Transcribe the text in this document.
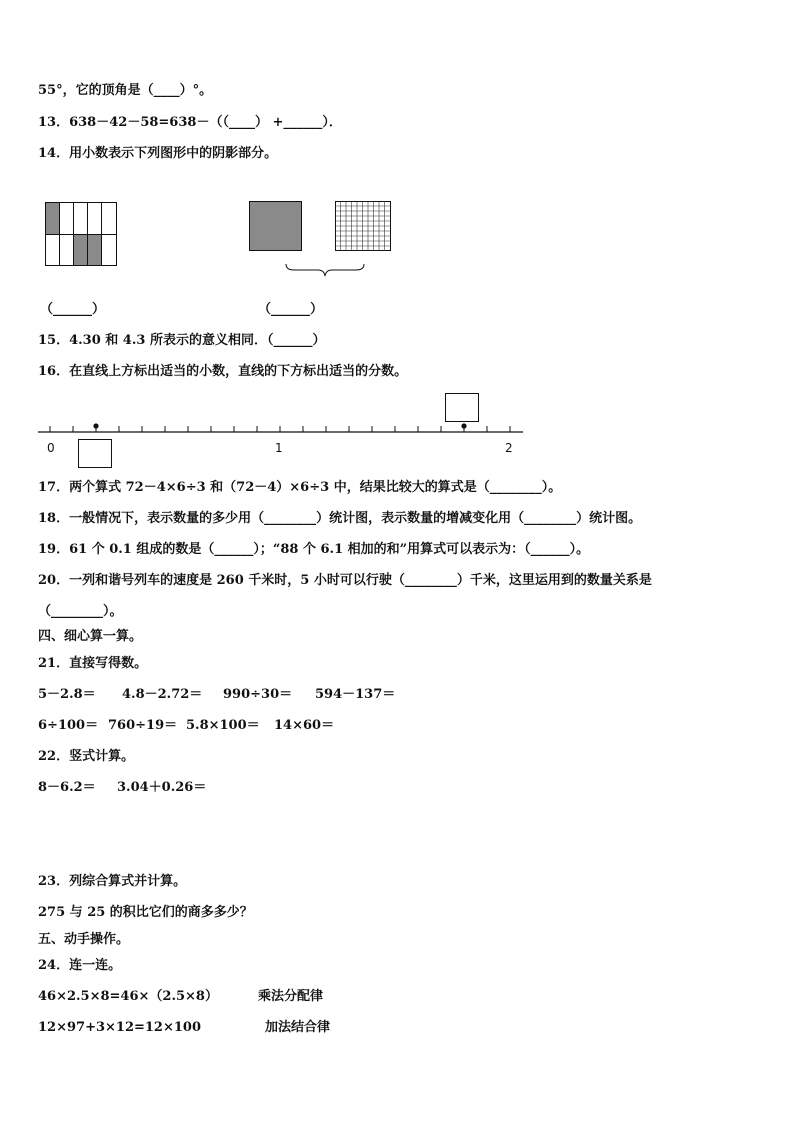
55°，它的顶角是（____）°。
13．638－42－58=638－（（____） +______）．
14．用小数表示下列图形中的阴影部分。
（______）	（______）
15．4.30 和 4.3 所表示的意义相同．（______）
16．在直线上方标出适当的小数，直线的下方标出适当的分数。
0	1	2
17．两个算式 72－4×6÷3 和（72－4）×6÷3 中，结果比较大的算式是（________）。
18．一般情况下，表示数量的多少用（________）统计图，表示数量的增减变化用（________）统计图。
19．61 个 0.1 组成的数是（______）；“88 个 6.1 相加的和”用算式可以表示为：（______）。
20．一列和谐号列车的速度是 260 千米时，5 小时可以行驶（________）千米，这里运用到的数量关系是
（________）。
四、细心算一算。
21．直接写得数。
5－2.8＝ 4.8－2.72＝ 990÷30＝ 594－137＝
6÷100＝ 760÷19＝ 5.8×100＝ 14×60＝
22．竖式计算。
8－6.2＝ 3.04＋0.26＝
23．列综合算式并计算。
275 与 25 的积比它们的商多多少？
五、动手操作。
24．连一连。
46×2.5×8=46×（2.5×8）	乘法分配律
12×97+3×12=12×100	加法结合律
